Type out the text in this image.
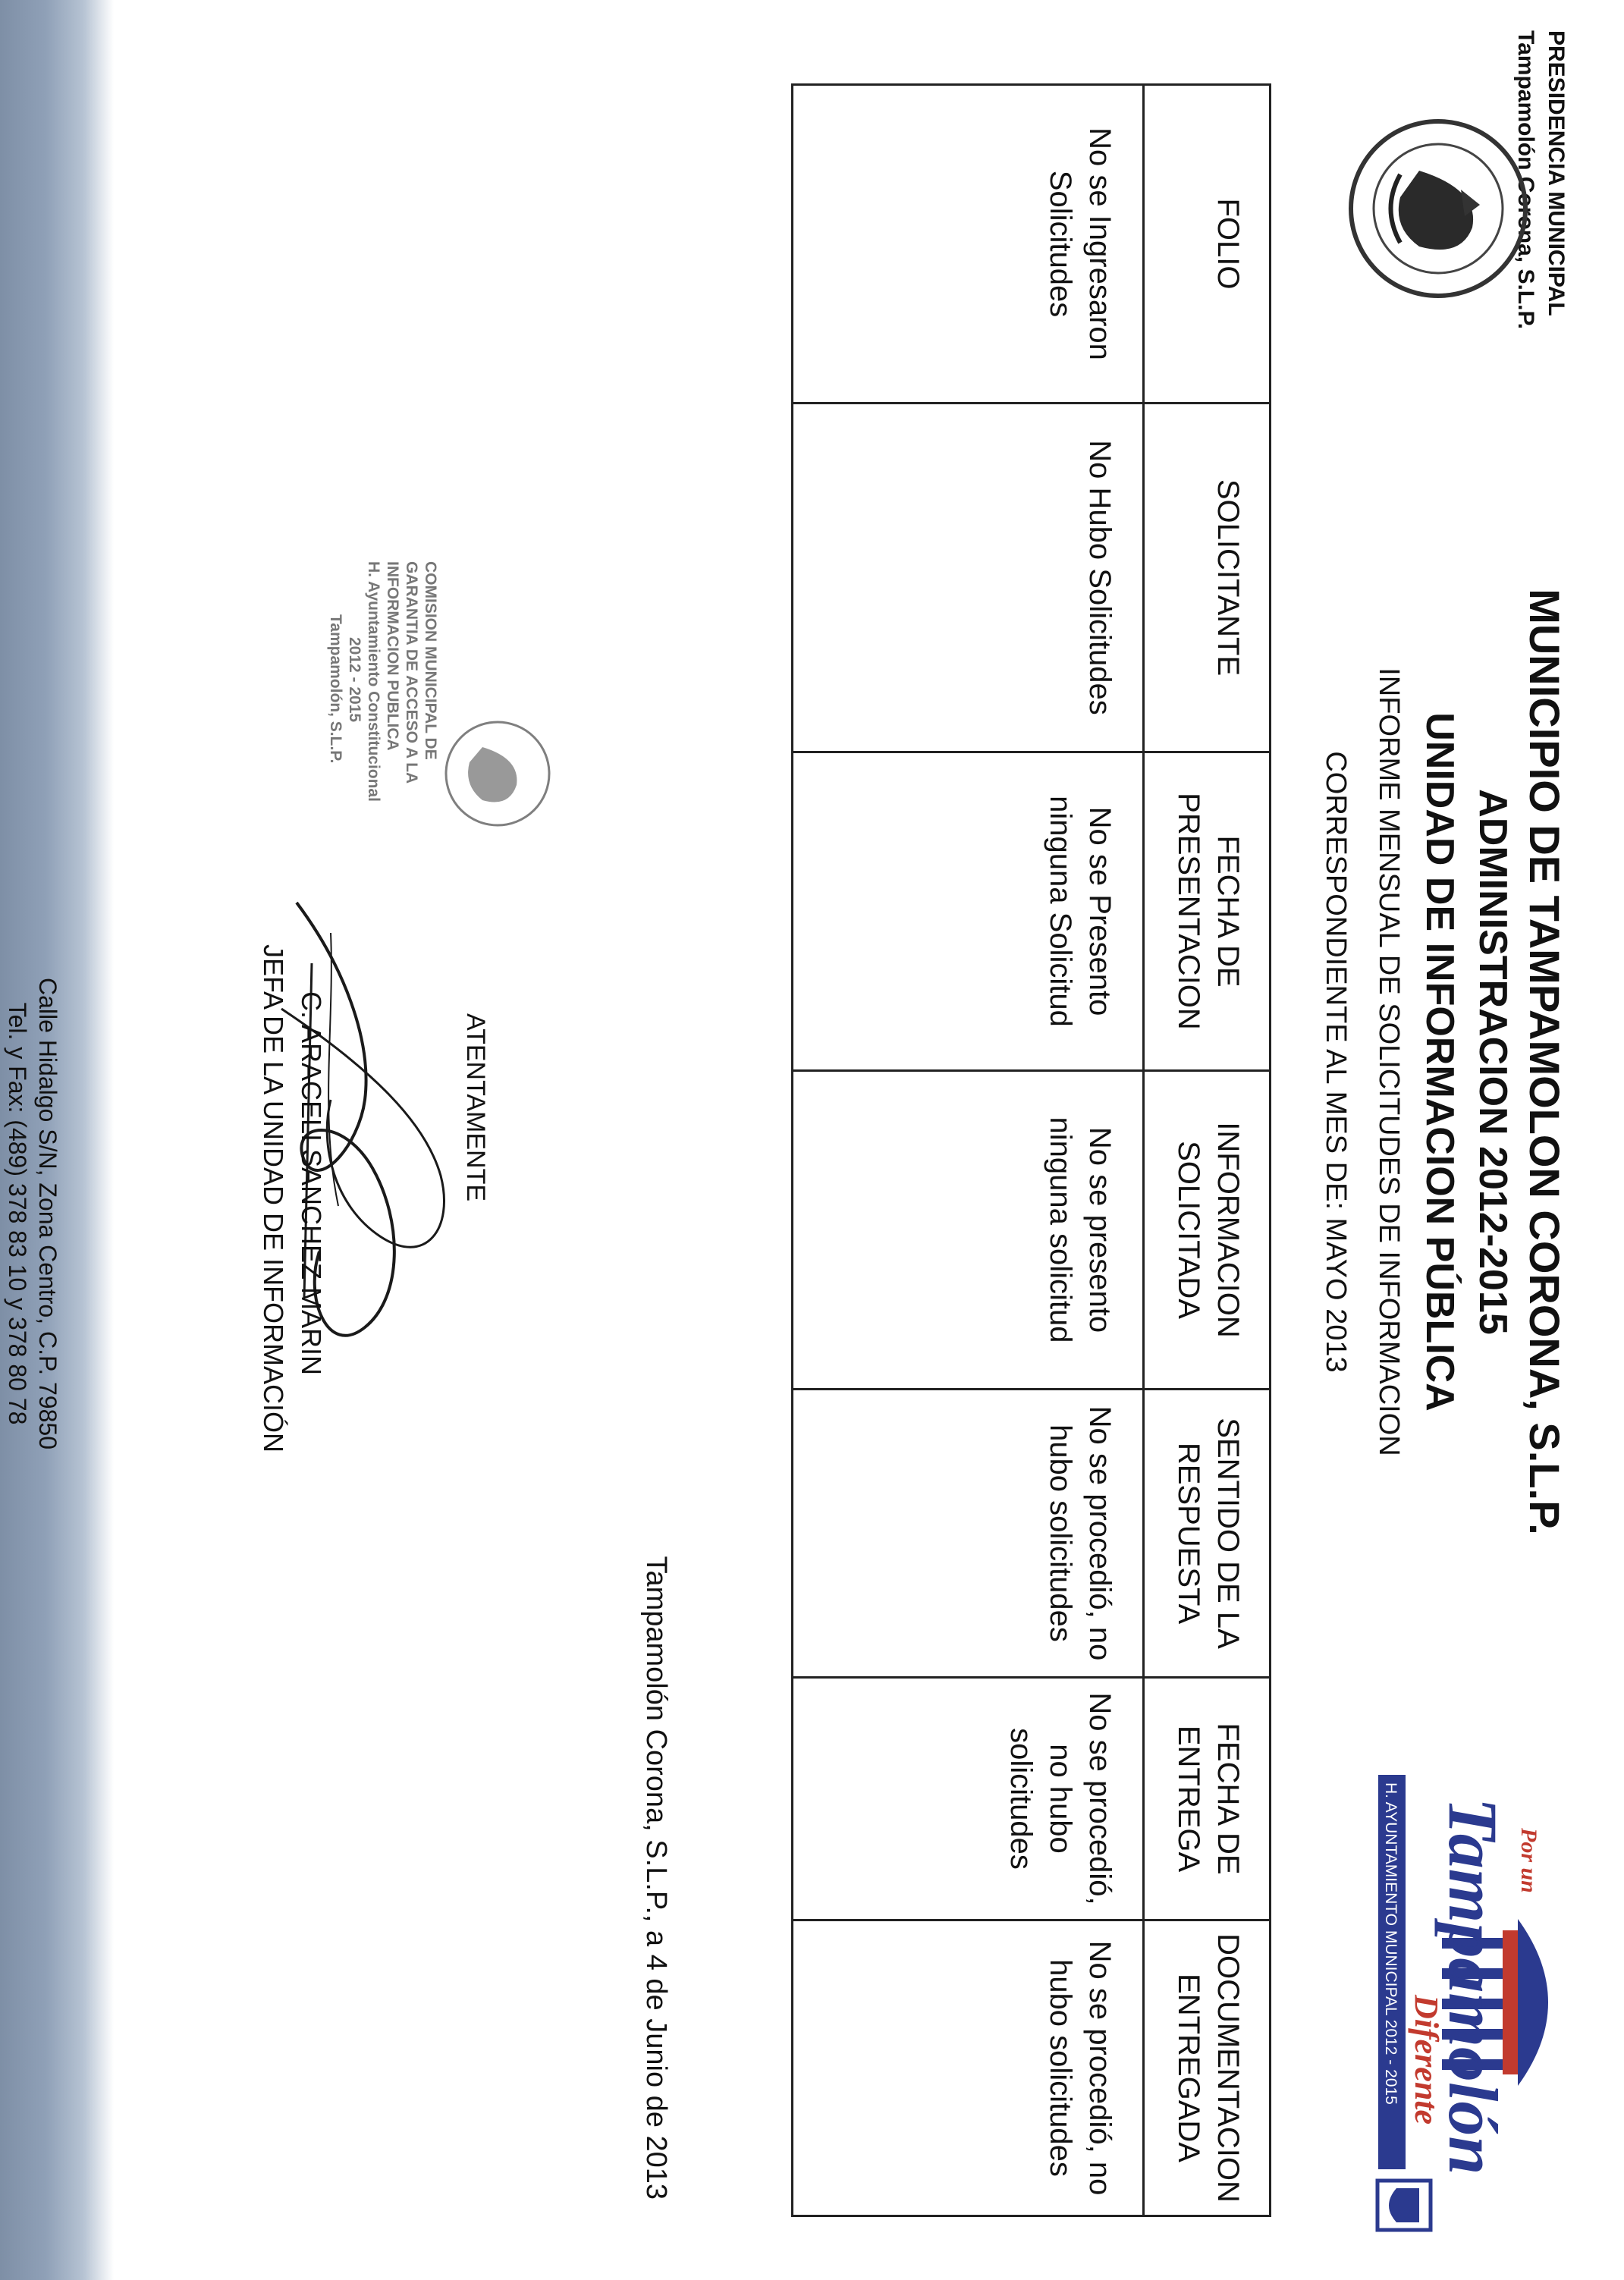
PRESIDENCIA MUNICIPAL
Tampamolón Corona, S.L.P.
MUNICIPIO DE TAMPAMOLON CORONA, S.L.P.
ADMINISTRACION 2012-2015
UNIDAD DE INFORMACION PÚBLICA
INFORME MENSUAL DE SOLICITUDES DE INFORMACION
CORRESPONDIENTE AL MES DE: MAYO 2013
Por un
Tampamolón
Diferente
H. AYUNTAMIENTO MUNICIPAL 2012 - 2015
FOLIO	SOLICITANTE	FECHA DE PRESENTACION	INFORMACION SOLICITADA	SENTIDO DE LA RESPUESTA	FECHA DE ENTREGA	DOCUMENTACION ENTREGADA
No se Ingresaron Solicitudes	No Hubo Solicitudes	No se Presento ninguna Solicitud	No se presento ninguna solicitud	No se procedió, no hubo solicitudes	No se procedió, no hubo solicitudes	No se procedió, no hubo solicitudes
Tampamolón Corona, S.L.P., a 4 de Junio de 2013
COMISION MUNICIPAL DE GARANTIA DE ACCESO A LA INFORMACION PUBLICA H. Ayuntamiento Constitucional 2012 - 2015 Tampamolón, S.L.P.
ATENTAMENTE
C. ARACELI SANCHEZ MARIN
JEFA DE LA UNIDAD DE INFORMACIÓN
Calle Hidalgo S/N, Zona Centro, C.P. 79850
Tel. y Fax: (489) 378 83 10 y 378 80 78
